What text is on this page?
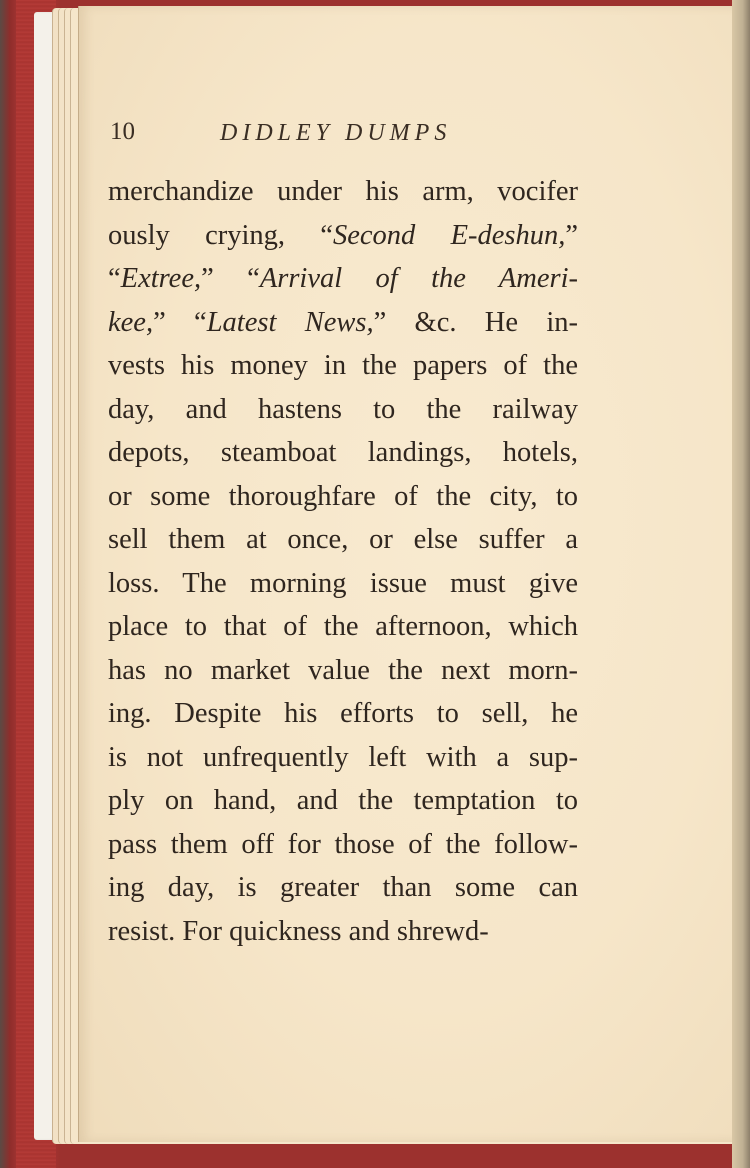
10	DIDLEY DUMPS
merchandize under his arm, vocifer
ously crying, “Second E-deshun,”
“Extree,” “Arrival of the Ameri-
kee,” “Latest News,” &c. He in-
vests his money in the papers of the
day, and hastens to the railway
depots, steamboat landings, hotels,
or some thoroughfare of the city, to
sell them at once, or else suffer a
loss. The morning issue must give
place to that of the afternoon, which
has no market value the next morn-
ing. Despite his efforts to sell, he
is not unfrequently left with a sup-
ply on hand, and the temptation to
pass them off for those of the follow-
ing day, is greater than some can
resist. For quickness and shrewd-
